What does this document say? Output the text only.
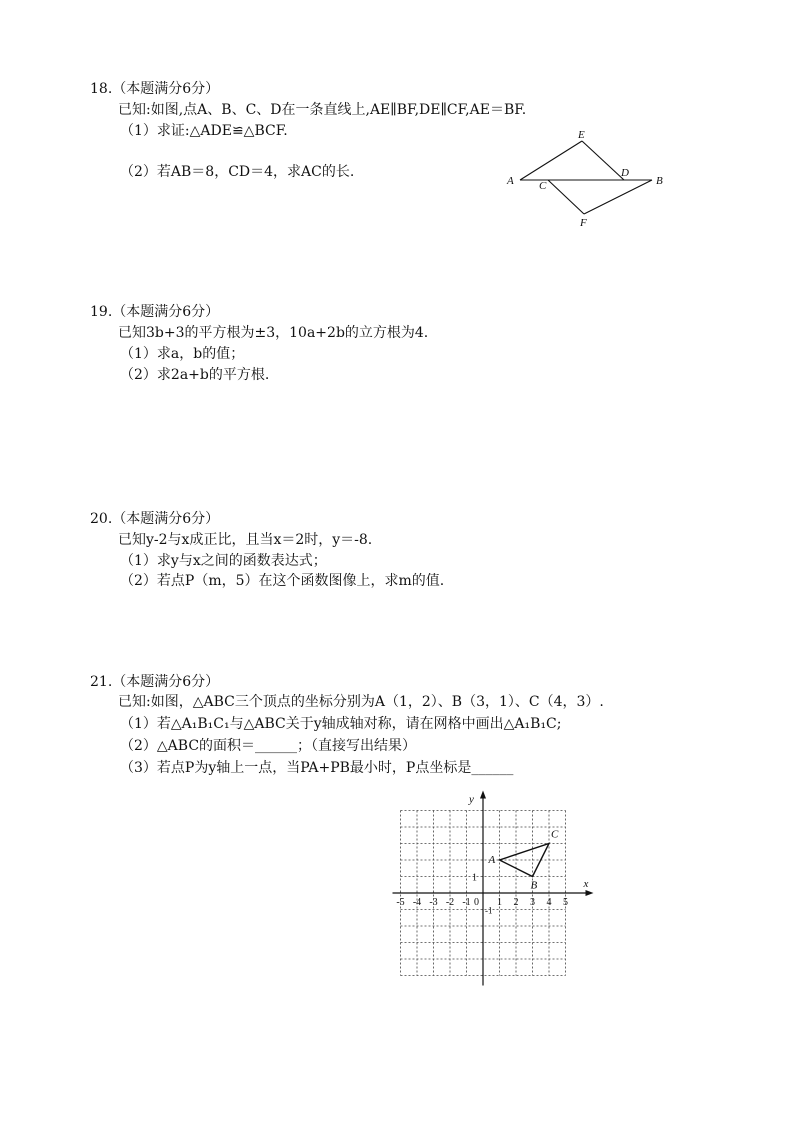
18.（本题满分6分）
已知:如图,点A、B、C、D在一条直线上,AE∥BF,DE∥CF,AE＝BF.
（1）求证:△ADE≌△BCF.
（2）若AB＝8，CD＝4，求AC的长.
E
A C
D
B
F
19.（本题满分6分）
已知3b+3的平方根为±3，10a+2b的立方根为4.
（1）求a，b的值；
（2）求2a+b的平方根.
20.（本题满分6分）
已知y-2与x成正比，且当x＝2时，y＝-8.
（1）求y与x之间的函数表达式；
（2）若点P（m，5）在这个函数图像上，求m的值.
21.（本题满分6分）
已知:如图，△ABC三个顶点的坐标分别为A（1，2）、B（3，1）、C（4，3）.
（1）若△A₁B₁C₁与△ABC关于y轴成轴对称，请在网格中画出△A₁B₁C;
（2）△ABC的面积＝______；（直接写出结果）
（3）若点P为y轴上一点，当PA+PB最小时，P点坐标是______
x
y
-5 -4 -3 -2 -1	1 2 3 4 5
0
1
-1
A
B
C
